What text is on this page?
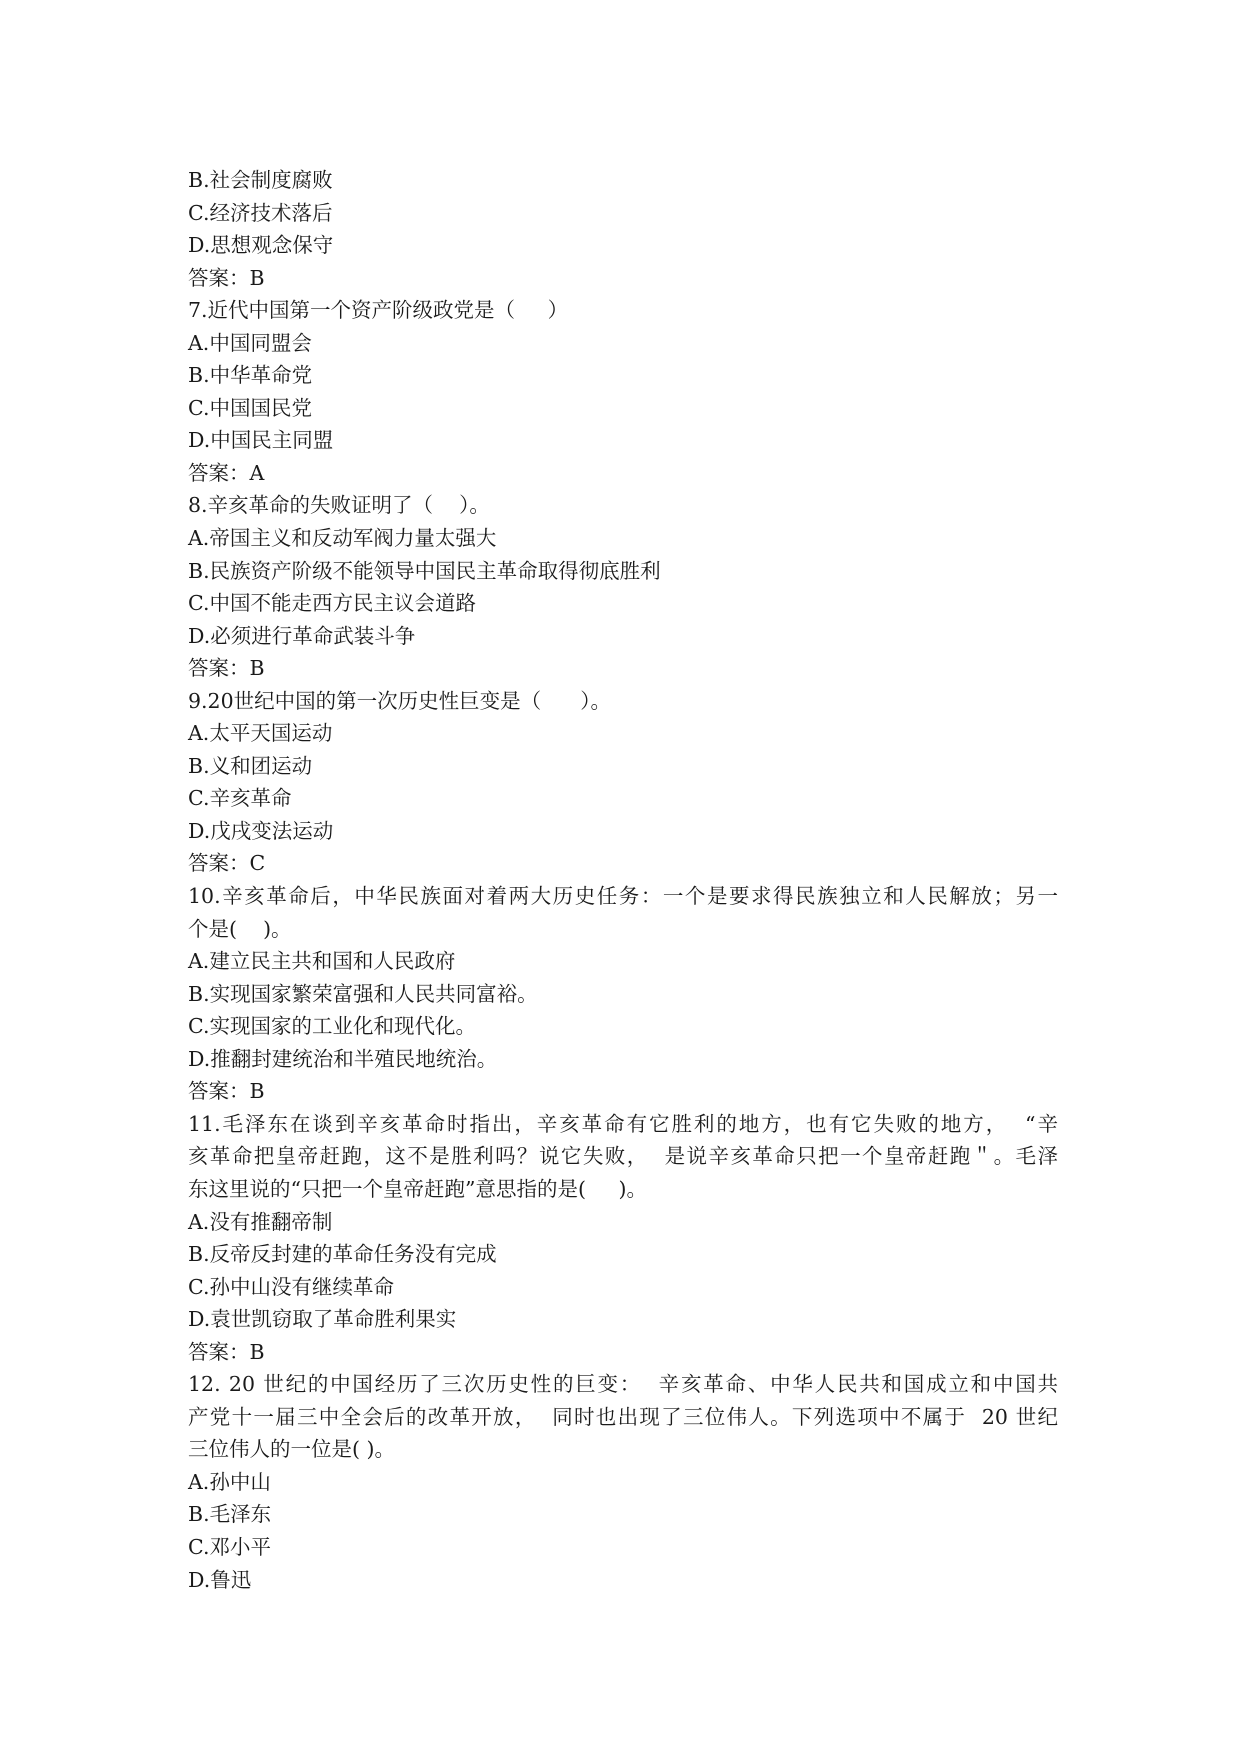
B.社会制度腐败
C.经济技术落后
D.思想观念保守
答案：B
7.近代中国第一个资产阶级政党是（     ）
A.中国同盟会
B.中华革命党
C.中国国民党
D.中国民主同盟
答案：A
8.辛亥革命的失败证明了（    ）。
A.帝国主义和反动军阀力量太强大
B.民族资产阶级不能领导中国民主革命取得彻底胜利
C.中国不能走西方民主议会道路
D.必须进行革命武装斗争
答案：B
9.20世纪中国的第一次历史性巨变是（      ）。
A.太平天国运动
B.义和团运动
C.辛亥革命
D.戊戌变法运动
答案：C
10.辛亥革命后，中华民族面对着两大历史任务：一个是要求得民族独立和人民解放；另一
个是(    )。
A.建立民主共和国和人民政府
B.实现国家繁荣富强和人民共同富裕。
C.实现国家的工业化和现代化。
D.推翻封建统治和半殖民地统治。
答案：B
11.毛泽东在谈到辛亥革命时指出，辛亥革命有它胜利的地方，也有它失败的地方，  “辛
亥革命把皇帝赶跑，这不是胜利吗？说它失败，  是说辛亥革命只把一个皇帝赶跑＂。毛泽
东这里说的“只把一个皇帝赶跑”意思指的是(     )。
A.没有推翻帝制
B.反帝反封建的革命任务没有完成
C.孙中山没有继续革命
D.袁世凯窃取了革命胜利果实
答案：B
12. 20 世纪的中国经历了三次历史性的巨变：  辛亥革命、中华人民共和国成立和中国共
产党十一届三中全会后的改革开放，  同时也出现了三位伟人。下列选项中不属于  20 世纪
三位伟人的一位是( )。
A.孙中山
B.毛泽东
C.邓小平
D.鲁迅
